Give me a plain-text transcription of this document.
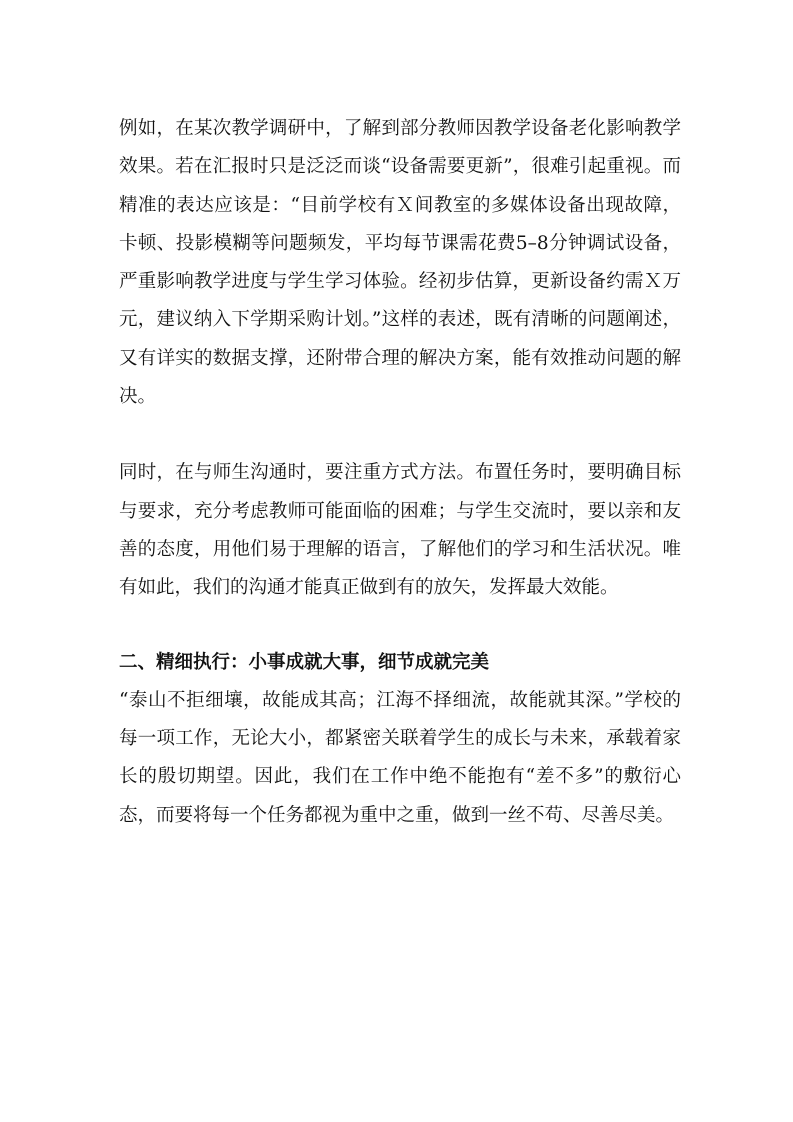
例如，在某次教学调研中，了解到部分教师因教学设备老化影响教学效果。若在汇报时只是泛泛而谈“设备需要更新”，很难引起重视。而精准的表达应该是：“目前学校有Ｘ间教室的多媒体设备出现故障，卡顿、投影模糊等问题频发，平均每节课需花费5–8分钟调试设备，严重影响教学进度与学生学习体验。经初步估算，更新设备约需Ｘ万元，建议纳入下学期采购计划。”这样的表述，既有清晰的问题阐述，又有详实的数据支撑，还附带合理的解决方案，能有效推动问题的解决。

同时，在与师生沟通时，要注重方式方法。布置任务时，要明确目标与要求，充分考虑教师可能面临的困难；与学生交流时，要以亲和友善的态度，用他们易于理解的语言，了解他们的学习和生活状况。唯有如此，我们的沟通才能真正做到有的放矢，发挥最大效能。

二、精细执行：小事成就大事，细节成就完美

“泰山不拒细壤，故能成其高；江海不择细流，故能就其深。”学校的每一项工作，无论大小，都紧密关联着学生的成长与未来，承载着家长的殷切期望。因此，我们在工作中绝不能抱有“差不多”的敷衍心态，而要将每一个任务都视为重中之重，做到一丝不苟、尽善尽美。
